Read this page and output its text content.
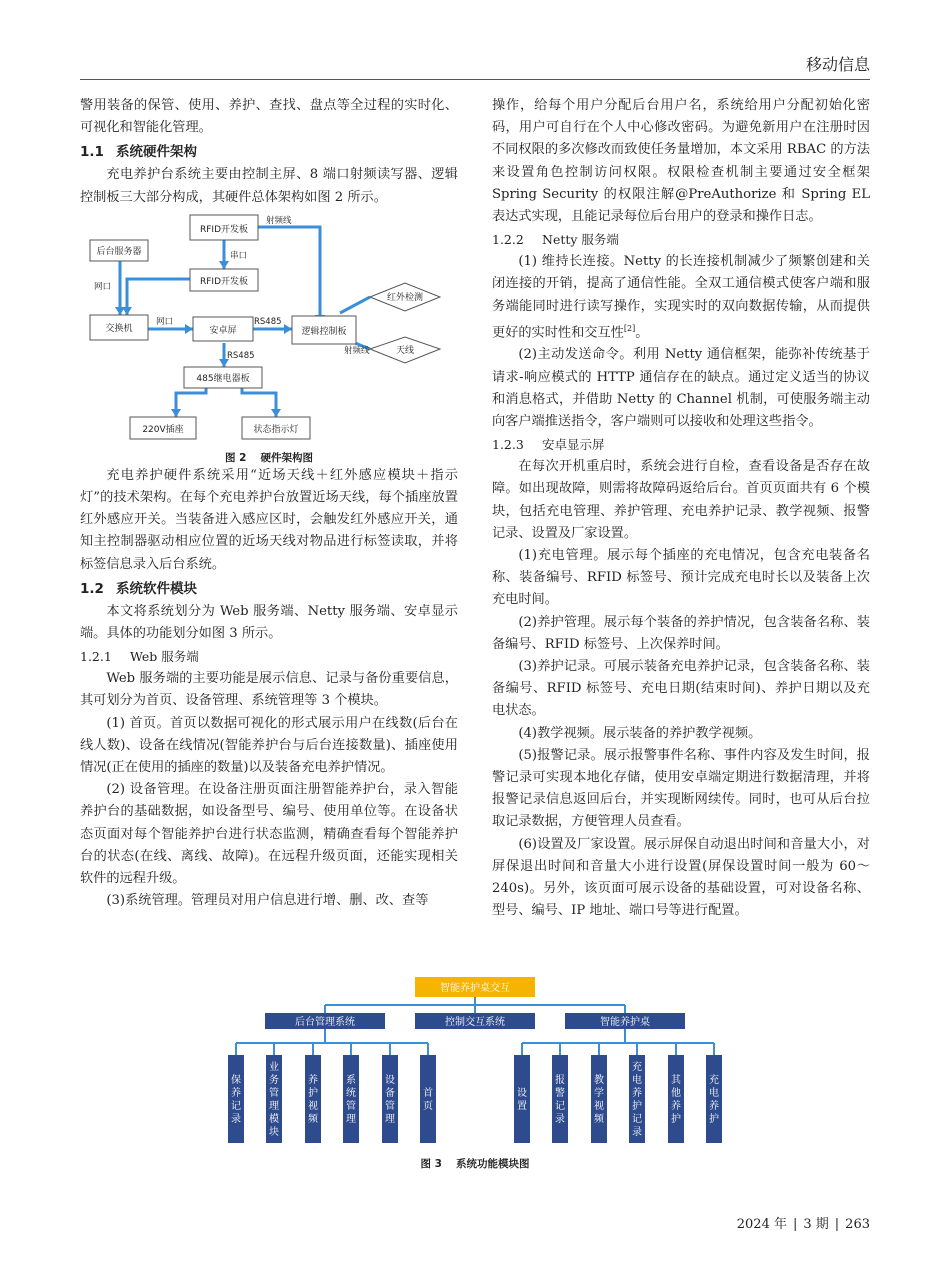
移动信息

警用装备的保管、使用、养护、查找、盘点等全过程的实时化、可视化和智能化管理。

1.1 系统硬件架构

充电养护台系统主要由控制主屏、8 端口射频读写器、逻辑控制板三大部分构成，其硬件总体架构如图 2 所示。

RFID开发板
RFID开发板
后台服务器
交换机	安卓屏	逻辑控制板
485继电器板
220V插座	状态指示灯
红外检测
天线
射频线
串口
网口
网口	RS485
RS485	射频线
图 2 硬件架构图

充电养护硬件系统采用“近场天线＋红外感应模块＋指示灯”的技术架构。在每个充电养护台放置近场天线，每个插座放置红外感应开关。当装备进入感应区时，会触发红外感应开关，通知主控制器驱动相应位置的近场天线对物品进行标签读取，并将标签信息录入后台系统。

1.2 系统软件模块

本文将系统划分为 Web 服务端、Netty 服务端、安卓显示端。具体的功能划分如图 3 所示。

1.2.1 Web 服务端

Web 服务端的主要功能是展示信息、记录与备份重要信息，其可划分为首页、设备管理、系统管理等 3 个模块。

(1) 首页。首页以数据可视化的形式展示用户在线数(后台在线人数)、设备在线情况(智能养护台与后台连接数量)、插座使用情况(正在使用的插座的数量)以及装备充电养护情况。

(2) 设备管理。在设备注册页面注册智能养护台，录入智能养护台的基础数据，如设备型号、编号、使用单位等。在设备状态页面对每个智能养护台进行状态监测，精确查看每个智能养护台的状态(在线、离线、故障)。在远程升级页面，还能实现相关软件的远程升级。

(3)系统管理。管理员对用户信息进行增、删、改、查等

操作，给每个用户分配后台用户名，系统给用户分配初始化密码，用户可自行在个人中心修改密码。为避免新用户在注册时因不同权限的多次修改而致使任务量增加，本文采用 RBAC 的方法来设置角色控制访问权限。权限检查机制主要通过安全框架 Spring Security 的权限注解@PreAuthorize 和 Spring EL 表达式实现，且能记录每位后台用户的登录和操作日志。

1.2.2 Netty 服务端

(1) 维持长连接。Netty 的长连接机制减少了频繁创建和关闭连接的开销，提高了通信性能。全双工通信模式使客户端和服务端能同时进行读写操作，实现实时的双向数据传输，从而提供更好的实时性和交互性[2]。

(2)主动发送命令。利用 Netty 通信框架，能弥补传统基于请求-响应模式的 HTTP 通信存在的缺点。通过定义适当的协议和消息格式，并借助 Netty 的 Channel 机制，可使服务端主动向客户端推送指令，客户端则可以接收和处理这些指令。

1.2.3 安卓显示屏

在每次开机重启时，系统会进行自检，查看设备是否存在故障。如出现故障，则需将故障码返给后台。首页页面共有 6 个模块，包括充电管理、养护管理、充电养护记录、教学视频、报警记录、设置及厂家设置。

(1)充电管理。展示每个插座的充电情况，包含充电装备名称、装备编号、RFID 标签号、预计完成充电时长以及装备上次充电时间。

(2)养护管理。展示每个装备的养护情况，包含装备名称、装备编号、RFID 标签号、上次保养时间。

(3)养护记录。可展示装备充电养护记录，包含装备名称、装备编号、RFID 标签号、充电日期(结束时间)、养护日期以及充电状态。

(4)教学视频。展示装备的养护教学视频。

(5)报警记录。展示报警事件名称、事件内容及发生时间，报警记录可实现本地化存储，使用安卓端定期进行数据清理，并将报警记录信息返回后台，并实现断网续传。同时，也可从后台拉取记录数据，方便管理人员查看。

(6)设置及厂家设置。展示屏保自动退出时间和音量大小，对屏保退出时间和音量大小进行设置(屏保设置时间一般为 60～240s)。另外，该页面可展示设备的基础设置，可对设备名称、型号、编号、IP 地址、端口号等进行配置。

智能养护桌交互
后台管理系统	控制交互系统	智能养护桌
保
养
记
录
业
务
管
理
模
块
养
护
视
频
系
统
管
理
设
备
管
理
首
页
设
置
报
警
记
录
教
学
视
频
充
电
养
护
记
录
其
他
养
护
充
电
养
护
图 3 系统功能模块图
2024 年 | 3 期 | 263
